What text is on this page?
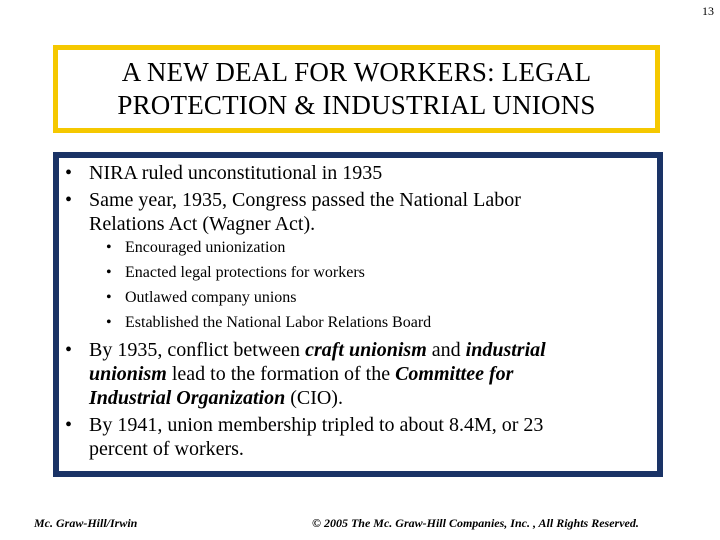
13
A NEW DEAL FOR WORKERS: LEGAL
PROTECTION & INDUSTRIAL UNIONS
• NIRA ruled unconstitutional in 1935
• Same year, 1935, Congress passed the National Labor
Relations Act (Wagner Act).
• Encouraged unionization
• Enacted legal protections for workers
• Outlawed company unions
• Established the National Labor Relations Board
• By 1935, conflict between craft unionism and industrial
unionism lead to the formation of the Committee for
Industrial Organization (CIO).
• By 1941, union membership tripled to about 8.4M, or 23
percent of workers.
Mc. Graw-Hill/Irwin	© 2005 The Mc. Graw-Hill Companies, Inc. , All Rights Reserved.
